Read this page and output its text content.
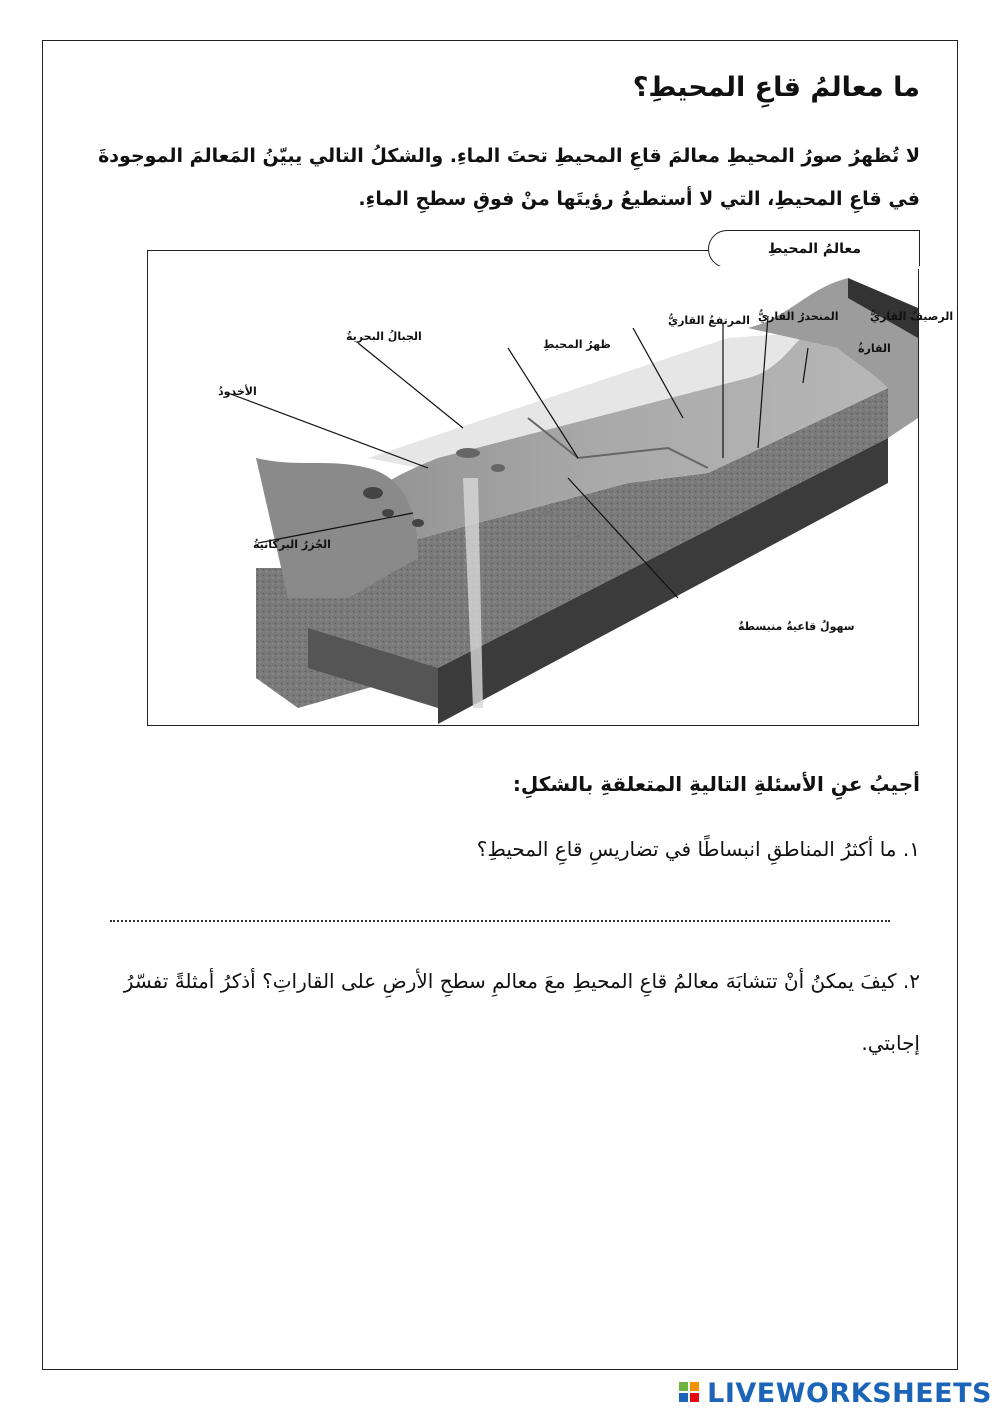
ما معالمُ قاعِ المحيطِ؟
لا تُظهرُ صورُ المحيطِ معالمَ قاعِ المحيطِ تحتَ الماءِ. والشكلُ التالي يبيّنُ المَعالمَ الموجودةَ في قاعِ المحيطِ، التي لا أستطيعُ رؤيتَها منْ فوقِ سطحِ الماءِ.
معالمُ المحيطِ
الرصيفُ القاريُّ
القارةُ
المنحدرُ القاريُّ
المرتفعُ القاريُّ
ظهرُ المحيطِ
الجبالُ البحريةُ
الأخدودُ
الجُزرُ البركانيةُ
سهولٌ قاعيةٌ منبسطةٌ
أجيبُ عنِ الأسئلةِ التاليةِ المتعلقةِ بالشكلِ:
١. ما أكثرُ المناطقِ انبساطًا في تضاريسِ قاعِ المحيطِ؟
٢. كيفَ يمكنُ أنْ تتشابَهَ معالمُ قاعِ المحيطِ معَ معالمِ سطحِ الأرضِ على القاراتِ؟ أذكرُ أمثلةً تفسّرُ إجابتي.
LIVEWORKSHEETS
